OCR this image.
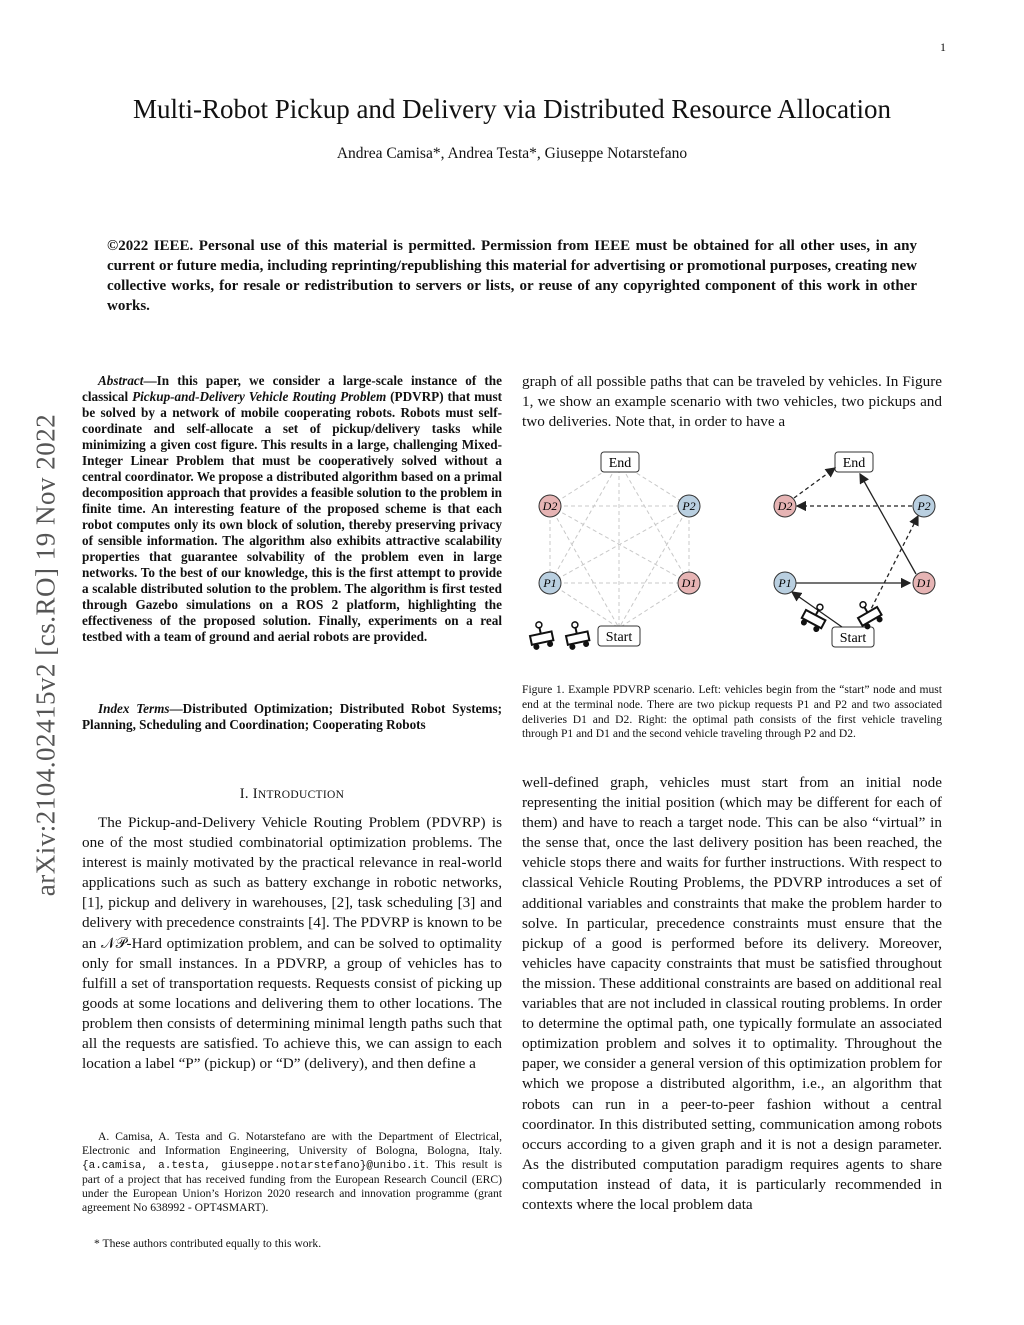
1
arXiv:2104.02415v2 [cs.RO] 19 Nov 2022
Multi-Robot Pickup and Delivery via Distributed Resource Allocation
Andrea Camisa*, Andrea Testa*, Giuseppe Notarstefano

©2022 IEEE. Personal use of this material is permitted. Permission from IEEE must be obtained for all other uses, in any current or future media, including reprinting/republishing this material for advertising or promotional purposes, creating new collective works, for resale or redistribution to servers or lists, or reuse of any copyrighted component of this work in other works.

Abstract—In this paper, we consider a large-scale instance of the classical Pickup-and-Delivery Vehicle Routing Problem (PDVRP) that must be solved by a network of mobile cooperating robots. Robots must self-coordinate and self-allocate a set of pickup/delivery tasks while minimizing a given cost figure. This results in a large, challenging Mixed-Integer Linear Problem that must be cooperatively solved without a central coordinator. We propose a distributed algorithm based on a primal decomposition approach that provides a feasible solution to the problem in finite time. An interesting feature of the proposed scheme is that each robot computes only its own block of solution, thereby preserving privacy of sensible information. The algorithm also exhibits attractive scalability properties that guarantee solvability of the problem even in large networks. To the best of our knowledge, this is the first attempt to provide a scalable distributed solution to the problem. The algorithm is first tested through Gazebo simulations on a ROS 2 platform, highlighting the effectiveness of the proposed solution. Finally, experiments on a real testbed with a team of ground and aerial robots are provided.

Index Terms—Distributed Optimization; Distributed Robot Systems; Planning, Scheduling and Coordination; Cooperating Robots

I. INTRODUCTION

The Pickup-and-Delivery Vehicle Routing Problem (PDVRP) is one of the most studied combinatorial optimization problems. The interest is mainly motivated by the practical relevance in real-world applications such as such as battery exchange in robotic networks, [1], pickup and delivery in warehouses, [2], task scheduling [3] and delivery with precedence constraints [4]. The PDVRP is known to be an 𝒩𝒫-Hard optimization problem, and can be solved to optimality only for small instances. In a PDVRP, a group of vehicles has to fulfill a set of transportation requests. Requests consist of picking up goods at some locations and delivering them to other locations. The problem then consists of determining minimal length paths such that all the requests are satisfied. To achieve this, we can assign to each location a label “P” (pickup) or “D” (delivery), and then define a

A. Camisa, A. Testa and G. Notarstefano are with the Department of Electrical, Electronic and Information Engineering, University of Bologna, Bologna, Italy. {a.camisa, a.testa, giuseppe.notarstefano}@unibo.it. This result is part of a project that has received funding from the European Research Council (ERC) under the European Union’s Horizon 2020 research and innovation programme (grant agreement No 638992 - OPT4SMART).

* These authors contributed equally to this work.

graph of all possible paths that can be traveled by vehicles. In Figure 1, we show an example scenario with two vehicles, two pickups and two deliveries. Note that, in order to have a

End
Start
D2	P2
P1	D1
End
Start
D2	P2
P1	D1

Figure 1. Example PDVRP scenario. Left: vehicles begin from the “start” node and must end at the terminal node. There are two pickup requests P1 and P2 and two associated deliveries D1 and D2. Right: the optimal path consists of the first vehicle traveling through P1 and D1 and the second vehicle traveling through P2 and D2.

well-defined graph, vehicles must start from an initial node representing the initial position (which may be different for each of them) and have to reach a target node. This can be also “virtual” in the sense that, once the last delivery position has been reached, the vehicle stops there and waits for further instructions. With respect to classical Vehicle Routing Problems, the PDVRP introduces a set of additional variables and constraints that make the problem harder to solve. In particular, precedence constraints must ensure that the pickup of a good is performed before its delivery. Moreover, vehicles have capacity constraints that must be satisfied throughout the mission. These additional constraints are based on additional real variables that are not included in classical routing problems. In order to determine the optimal path, one typically formulate an associated optimization problem and solves it to optimality. Throughout the paper, we consider a general version of this optimization problem for which we propose a distributed algorithm, i.e., an algorithm that robots can run in a peer-to-peer fashion without a central coordinator. In this distributed setting, communication among robots occurs according to a given graph and it is not a design parameter. As the distributed computation paradigm requires agents to share computation instead of data, it is particularly recommended in contexts where the local problem data
